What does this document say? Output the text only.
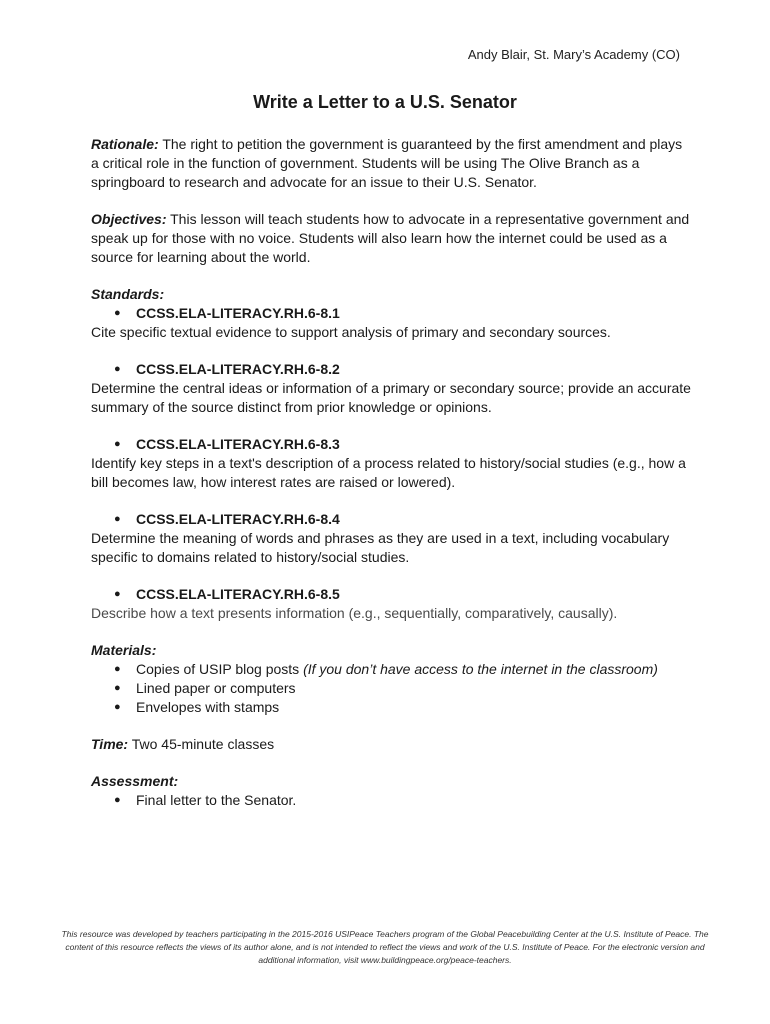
Andy Blair, St. Mary’s Academy (CO)
Write a Letter to a U.S. Senator

Rationale: The right to petition the government is guaranteed by the first amendment and plays a critical role in the function of government. Students will be using The Olive Branch as a springboard to research and advocate for an issue to their U.S. Senator.

Objectives: This lesson will teach students how to advocate in a representative government and speak up for those with no voice. Students will also learn how the internet could be used as a source for learning about the world.

Standards:
● CCSS.ELA-LITERACY.RH.6-8.1
Cite specific textual evidence to support analysis of primary and secondary sources.
● CCSS.ELA-LITERACY.RH.6-8.2
Determine the central ideas or information of a primary or secondary source; provide an accurate summary of the source distinct from prior knowledge or opinions.
● CCSS.ELA-LITERACY.RH.6-8.3
Identify key steps in a text's description of a process related to history/social studies (e.g., how a bill becomes law, how interest rates are raised or lowered).
● CCSS.ELA-LITERACY.RH.6-8.4
Determine the meaning of words and phrases as they are used in a text, including vocabulary specific to domains related to history/social studies.
● CCSS.ELA-LITERACY.RH.6-8.5
Describe how a text presents information (e.g., sequentially, comparatively, causally).
Materials:
● Copies of USIP blog posts (If you don’t have access to the internet in the classroom)
● Lined paper or computers
● Envelopes with stamps

Time: Two 45-minute classes

Assessment:
● Final letter to the Senator.
This resource was developed by teachers participating in the 2015-2016 USIPeace Teachers program of the Global Peacebuilding Center at the U.S. Institute of Peace. The content of this resource reflects the views of its author alone, and is not intended to reflect the views and work of the U.S. Institute of Peace. For the electronic version and additional information, visit www.buildingpeace.org/peace-teachers.
